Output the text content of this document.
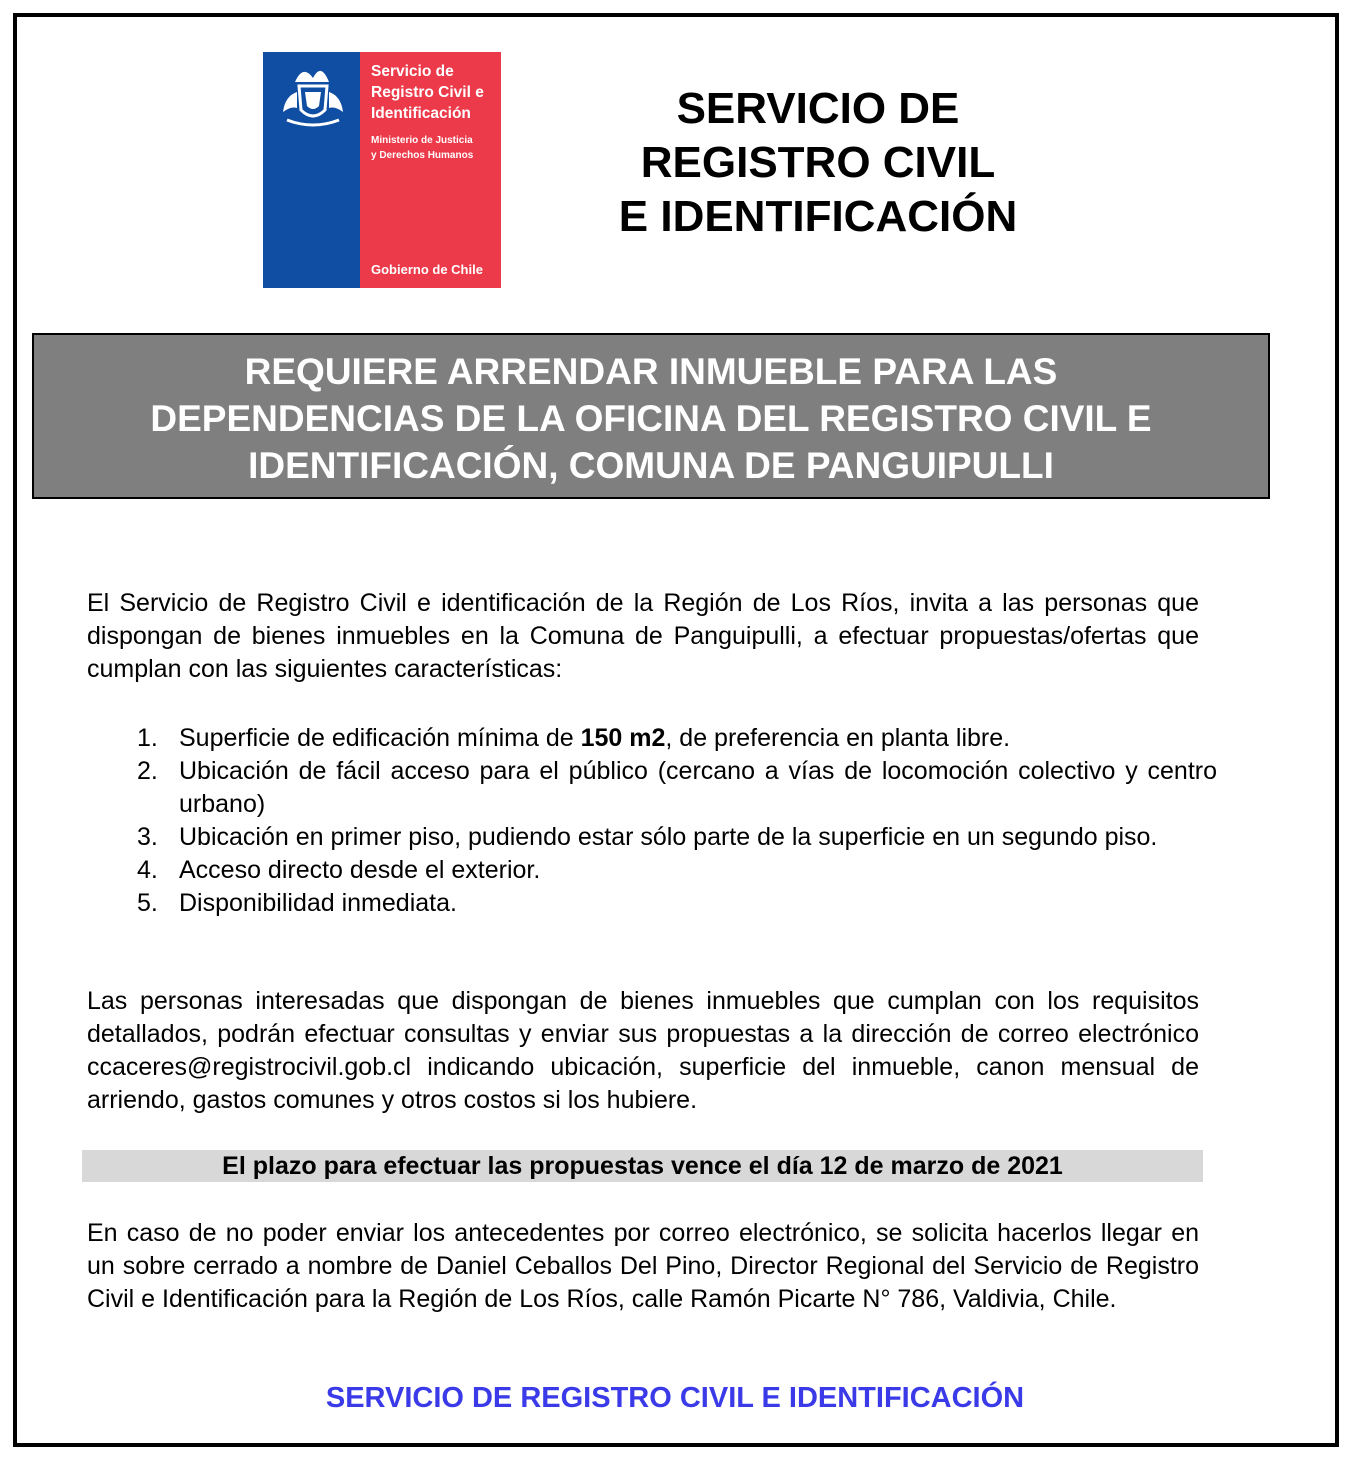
Servicio de
Registro Civil e
Identificación
Ministerio de Justicia
y Derechos Humanos
Gobierno de Chile
SERVICIO DE
REGISTRO CIVIL
E IDENTIFICACIÓN
REQUIERE ARRENDAR INMUEBLE PARA LAS
DEPENDENCIAS DE LA OFICINA DEL REGISTRO CIVIL E
IDENTIFICACIÓN, COMUNA DE PANGUIPULLI

El Servicio de Registro Civil e identificación de la Región de Los Ríos, invita a las personas que dispongan de bienes inmuebles en la Comuna de Panguipulli, a efectuar propuestas/ofertas que cumplan con las siguientes características:

1. Superficie de edificación mínima de 150 m2, de preferencia en planta libre.
2. Ubicación de fácil acceso para el público (cercano a vías de locomoción colectivo y centro urbano)
3. Ubicación en primer piso, pudiendo estar sólo parte de la superficie en un segundo piso.
4. Acceso directo desde el exterior.
5. Disponibilidad inmediata.

Las personas interesadas que dispongan de bienes inmuebles que cumplan con los requisitos detallados, podrán efectuar consultas y enviar sus propuestas a la dirección de correo electrónico ccaceres@registrocivil.gob.cl indicando ubicación, superficie del inmueble, canon mensual de arriendo, gastos comunes y otros costos si los hubiere.

El plazo para efectuar las propuestas vence el día 12 de marzo de 2021

En caso de no poder enviar los antecedentes por correo electrónico, se solicita hacerlos llegar en un sobre cerrado a nombre de Daniel Ceballos Del Pino, Director Regional del Servicio de Registro Civil e Identificación para la Región de Los Ríos, calle Ramón Picarte N° 786, Valdivia, Chile.

SERVICIO DE REGISTRO CIVIL E IDENTIFICACIÓN
